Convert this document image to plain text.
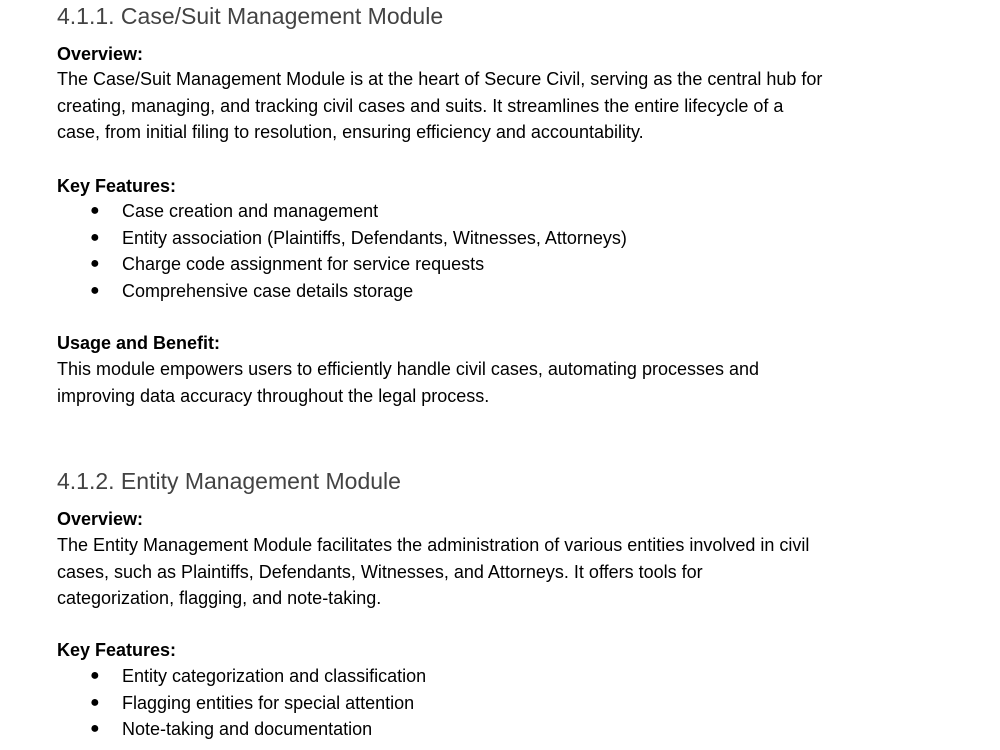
4.1.1. Case/Suit Management Module
Overview:

The Case/Suit Management Module is at the heart of Secure Civil, serving as the central hub for
creating, managing, and tracking civil cases and suits. It streamlines the entire lifecycle of a
case, from initial filing to resolution, ensuring efficiency and accountability.

Key Features:
● Case creation and management
● Entity association (Plaintiffs, Defendants, Witnesses, Attorneys)
● Charge code assignment for service requests
● Comprehensive case details storage
Usage and Benefit:

This module empowers users to efficiently handle civil cases, automating processes and
improving data accuracy throughout the legal process.

4.1.2. Entity Management Module
Overview:

The Entity Management Module facilitates the administration of various entities involved in civil
cases, such as Plaintiffs, Defendants, Witnesses, and Attorneys. It offers tools for
categorization, flagging, and note-taking.

Key Features:
● Entity categorization and classification
● Flagging entities for special attention
● Note-taking and documentation
